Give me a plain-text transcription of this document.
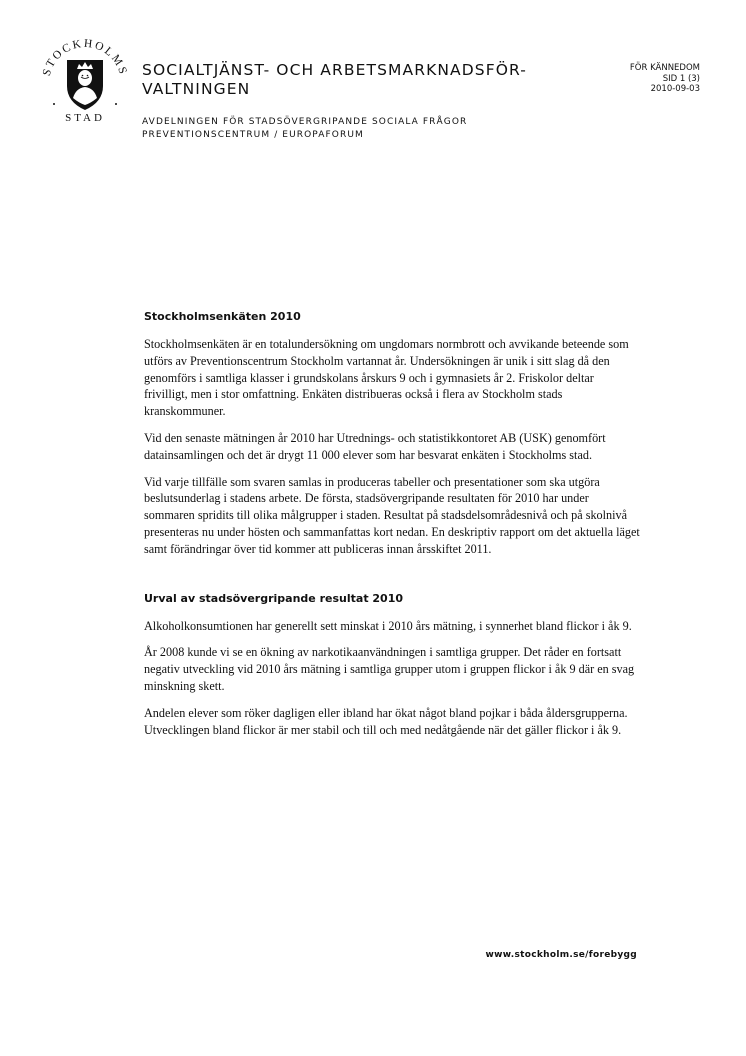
STOCKHOLMS
STAD
SOCIALTJÄNST- OCH ARBETSMARKNADSFÖR-
VALTNINGEN
AVDELNINGEN FÖR STADSÖVERGRIPANDE SOCIALA FRÅGOR
PREVENTIONSCENTRUM / EUROPAFORUM
FÖR KÄNNEDOM
SID 1 (3)
2010-09-03
Stockholmsenkäten 2010

Stockholmsenkäten är en totalundersökning om ungdomars normbrott och avvikande beteende som utförs av Preventionscentrum Stockholm vartannat år. Undersökningen är unik i sitt slag då den genomförs i samtliga klasser i grundskolans årskurs 9 och i gymnasiets år 2. Friskolor deltar frivilligt, men i stor omfattning. Enkäten distribueras också i flera av Stockholm stads kranskommuner.

Vid den senaste mätningen år 2010 har Utrednings- och statistikkontoret AB (USK) genomfört datainsamlingen och det är drygt 11 000 elever som har besvarat enkäten i Stockholms stad.

Vid varje tillfälle som svaren samlas in produceras tabeller och presentationer som ska utgöra beslutsunderlag i stadens arbete. De första, stadsövergripande resultaten för 2010 har under sommaren spridits till olika målgrupper i staden. Resultat på stadsdelsområdesnivå och på skolnivå presenteras nu under hösten och sammanfattas kort nedan. En deskriptiv rapport om det aktuella läget samt förändringar över tid kommer att publiceras innan årsskiftet 2011.

Urval av stadsövergripande resultat 2010

Alkoholkonsumtionen har generellt sett minskat i 2010 års mätning, i synnerhet bland flickor i åk 9.

År 2008 kunde vi se en ökning av narkotikaanvändningen i samtliga grupper. Det råder en fortsatt negativ utveckling vid 2010 års mätning i samtliga grupper utom i gruppen flickor i åk 9 där en svag minskning skett.

Andelen elever som röker dagligen eller ibland har ökat något bland pojkar i båda åldersgrupperna. Utvecklingen bland flickor är mer stabil och till och med nedåtgående när det gäller flickor i åk 9.

www.stockholm.se/forebygg
